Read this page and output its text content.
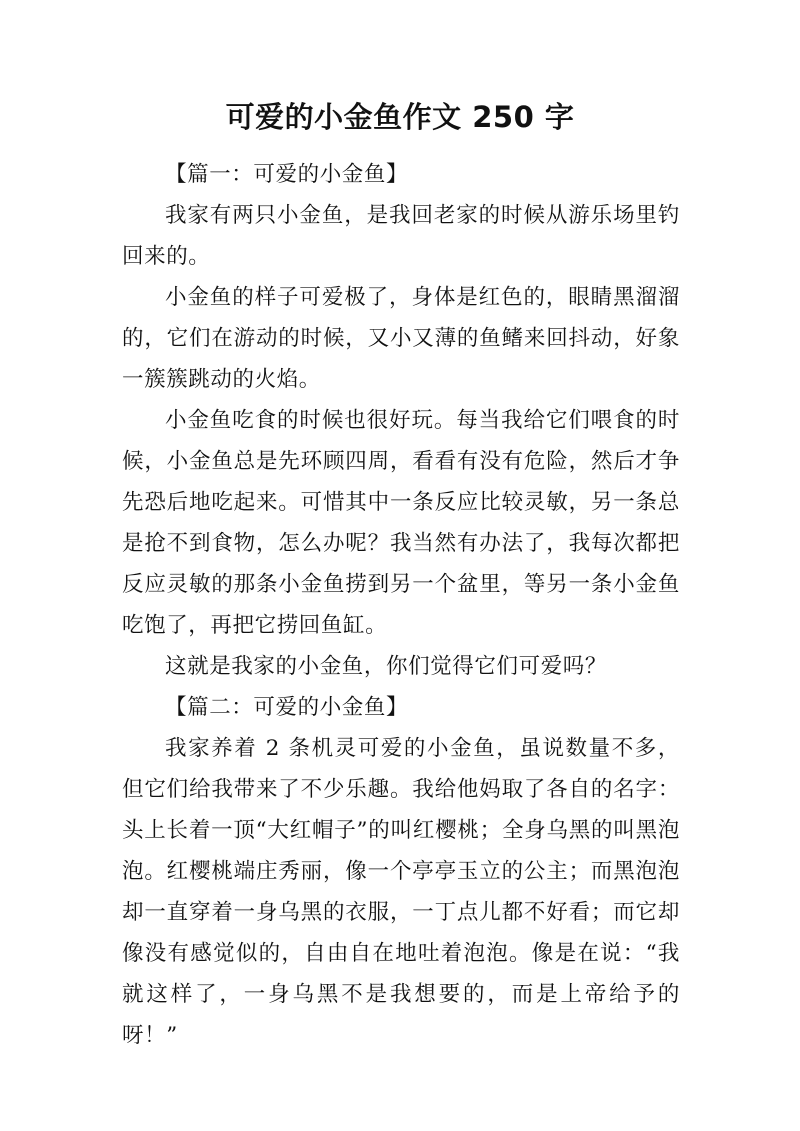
可爱的小金鱼作文 250 字

【篇一：可爱的小金鱼】

我家有两只小金鱼，是我回老家的时候从游乐场里钓回来的。

小金鱼的样子可爱极了，身体是红色的，眼睛黑溜溜的，它们在游动的时候，又小又薄的鱼鳍来回抖动，好象一簇簇跳动的火焰。

小金鱼吃食的时候也很好玩。每当我给它们喂食的时候，小金鱼总是先环顾四周，看看有没有危险，然后才争先恐后地吃起来。可惜其中一条反应比较灵敏，另一条总是抢不到食物，怎么办呢？我当然有办法了，我每次都把反应灵敏的那条小金鱼捞到另一个盆里，等另一条小金鱼吃饱了，再把它捞回鱼缸。

这就是我家的小金鱼，你们觉得它们可爱吗？

【篇二：可爱的小金鱼】

我家养着 2 条机灵可爱的小金鱼，虽说数量不多，但它们给我带来了不少乐趣。我给他妈取了各自的名字：头上长着一顶“大红帽子”的叫红樱桃；全身乌黑的叫黑泡泡。红樱桃端庄秀丽，像一个亭亭玉立的公主；而黑泡泡却一直穿着一身乌黑的衣服，一丁点儿都不好看；而它却像没有感觉似的，自由自在地吐着泡泡。像是在说：“我就这样了，一身乌黑不是我想要的，而是上帝给予的呀！”
